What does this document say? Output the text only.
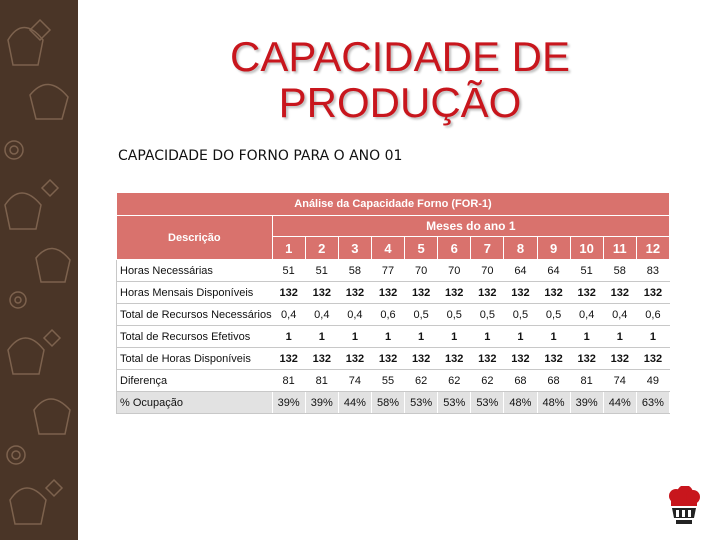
CAPACIDADE DE
PRODUÇÃO
CAPACIDADE DO FORNO PARA O ANO 01
Análise da Capacidade Forno (FOR-1)												
Descrição	Meses do ano 1											
	1	2	3	4	5	6	7	8	9	10	11	12
Horas Necessárias	51	51	58	77	70	70	70	64	64	51	58	83
Horas Mensais Disponíveis	132	132	132	132	132	132	132	132	132	132	132	132
Total de Recursos Necessários	0,4	0,4	0,4	0,6	0,5	0,5	0,5	0,5	0,5	0,4	0,4	0,6
Total de Recursos Efetivos	1	1	1	1	1	1	1	1	1	1	1	1
Total de Horas Disponíveis	132	132	132	132	132	132	132	132	132	132	132	132
Diferença	81	81	74	55	62	62	62	68	68	81	74	49
% Ocupação	39%	39%	44%	58%	53%	53%	53%	48%	48%	39%	44%	63%
